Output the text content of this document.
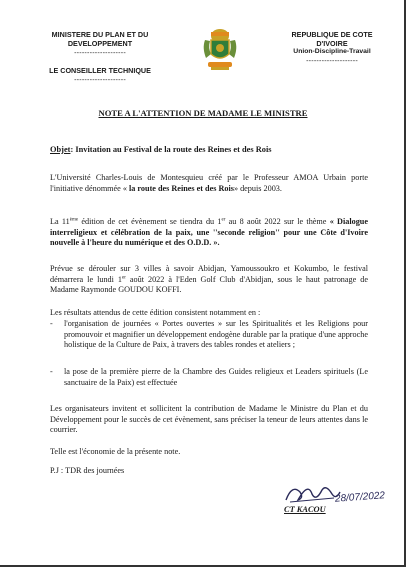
MINISTERE DU PLAN ET DU DEVELOPPEMENT
--------------------
LE CONSEILLER TECHNIQUE
--------------------
REPUBLIQUE DE COTE D'IVOIRE
Union-Discipline-Travail
--------------------
NOTE A L'ATTENTION DE MADAME LE MINISTRE
Objet: Invitation au Festival de la route des Reines et des Rois
L'Université Charles-Louis de Montesquieu créé par le Professeur AMOA Urbain porte l'initiative dénommée « la route des Reines et des Rois» depuis 2003.
La 11ème édition de cet évènement se tiendra du 1er au 8 août 2022 sur le thème « Dialogue interreligieux et célébration de la paix, une ''seconde religion'' pour une Côte d'Ivoire nouvelle à l'heure du numérique et des O.D.D. ».
Prévue se dérouler sur 3 villes à savoir Abidjan, Yamoussoukro et Kokumbo, le festival démarrera le lundi 1er août 2022 à l'Eden Golf Club d'Abidjan, sous le haut patronage de Madame Raymonde GOUDOU KOFFI.
Les résultats attendus de cette édition consistent notamment en :
-	l'organisation de journées « Portes ouvertes » sur les Spiritualités et les Religions pour promouvoir et magnifier un développement endogène durable par la pratique d'une approche holistique de la Culture de Paix, à travers des tables rondes et ateliers ;
-	la pose de la première pierre de la Chambre des Guides religieux et Leaders spirituels (Le sanctuaire de la Paix) est effectuée
Les organisateurs invitent et sollicitent la contribution de Madame le Ministre du Plan et du Développement pour le succès de cet évènement, sans préciser la teneur de leurs attentes dans le courrier.
Telle est l'économie de la présente note.
P.J : TDR des journées
28/07/2022
CT KACOU
